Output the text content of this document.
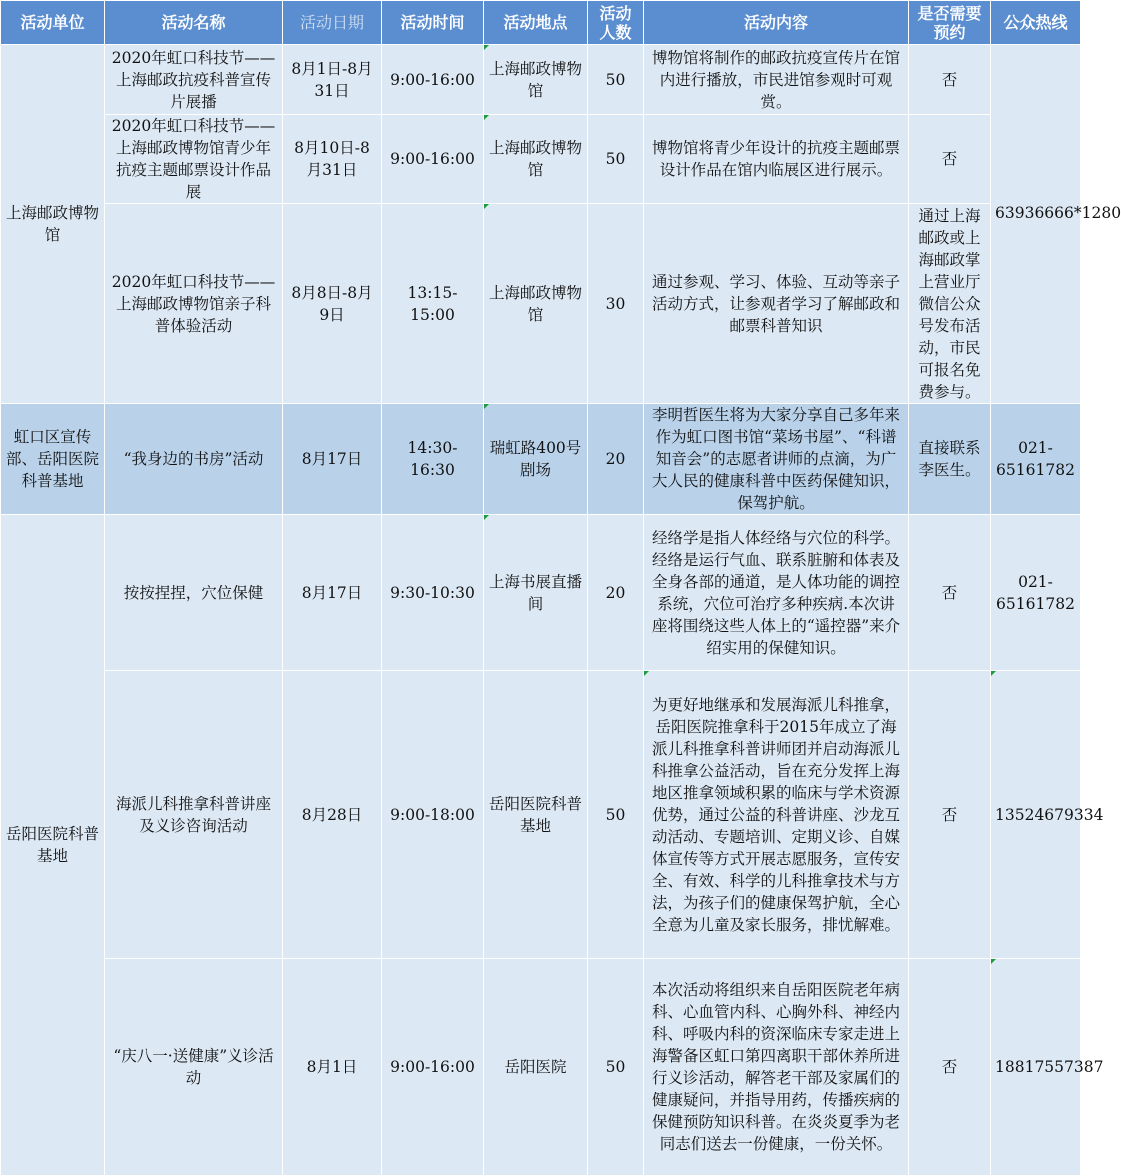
活动单位	活动名称	活动日期	活动时间	活动地点	活动人数	活动内容	是否需要预约	公众热线
上海邮政博物馆	2020年虹口科技节——上海邮政抗疫科普宣传片展播	8月1日-8月31日	9:00-16:00	上海邮政博物馆	50	博物馆将制作的邮政抗疫宣传片在馆内进行播放，市民进馆参观时可观赏。	否	63936666*1280
	2020年虹口科技节——上海邮政博物馆青少年抗疫主题邮票设计作品展	8月10日-8月31日	9:00-16:00	上海邮政博物馆	50	博物馆将青少年设计的抗疫主题邮票设计作品在馆内临展区进行展示。	否	
	2020年虹口科技节——上海邮政博物馆亲子科普体验活动	8月8日-8月9日	13:15-15:00	上海邮政博物馆	30	通过参观、学习、体验、互动等亲子活动方式，让参观者学习了解邮政和邮票科普知识	通过上海邮政或上海邮政掌上营业厅微信公众号发布活动，市民可报名免费参与。	
虹口区宣传部、岳阳医院科普基地	“我身边的书房”活动	8月17日	14:30-16:30	瑞虹路400号剧场	20	李明哲医生将为大家分享自己多年来作为虹口图书馆“菜场书屋”、“科谱知音会”的志愿者讲师的点滴，为广大人民的健康科普中医药保健知识，保驾护航。	直接联系李医生。	021-65161782
岳阳医院科普基地	按按捏捏，穴位保健	8月17日	9:30-10:30	上海书展直播间	20	经络学是指人体经络与穴位的科学。经络是运行气血、联系脏腑和体表及全身各部的通道，是人体功能的调控系统，穴位可治疗多种疾病.本次讲座将围绕这些人体上的“遥控器”来介绍实用的保健知识。	否	021-65161782
	海派儿科推拿科普讲座及义诊咨询活动	8月28日	9:00-18:00	岳阳医院科普基地	50	为更好地继承和发展海派儿科推拿，岳阳医院推拿科于2015年成立了海派儿科推拿科普讲师团并启动海派儿科推拿公益活动，旨在充分发挥上海地区推拿领域积累的临床与学术资源优势，通过公益的科普讲座、沙龙互动活动、专题培训、定期义诊、自媒体宣传等方式开展志愿服务，宣传安全、有效、科学的儿科推拿技术与方法，为孩子们的健康保驾护航，全心全意为儿童及家长服务，排忧解难。	否	13524679334
	“庆八一·送健康”义诊活动	8月1日	9:00-16:00	岳阳医院	50	本次活动将组织来自岳阳医院老年病科、心血管内科、心胸外科、神经内科、呼吸内科的资深临床专家走进上海警备区虹口第四离职干部休养所进行义诊活动，解答老干部及家属们的健康疑问，并指导用药，传播疾病的保健预防知识科普。在炎炎夏季为老同志们送去一份健康，一份关怀。	否	18817557387
